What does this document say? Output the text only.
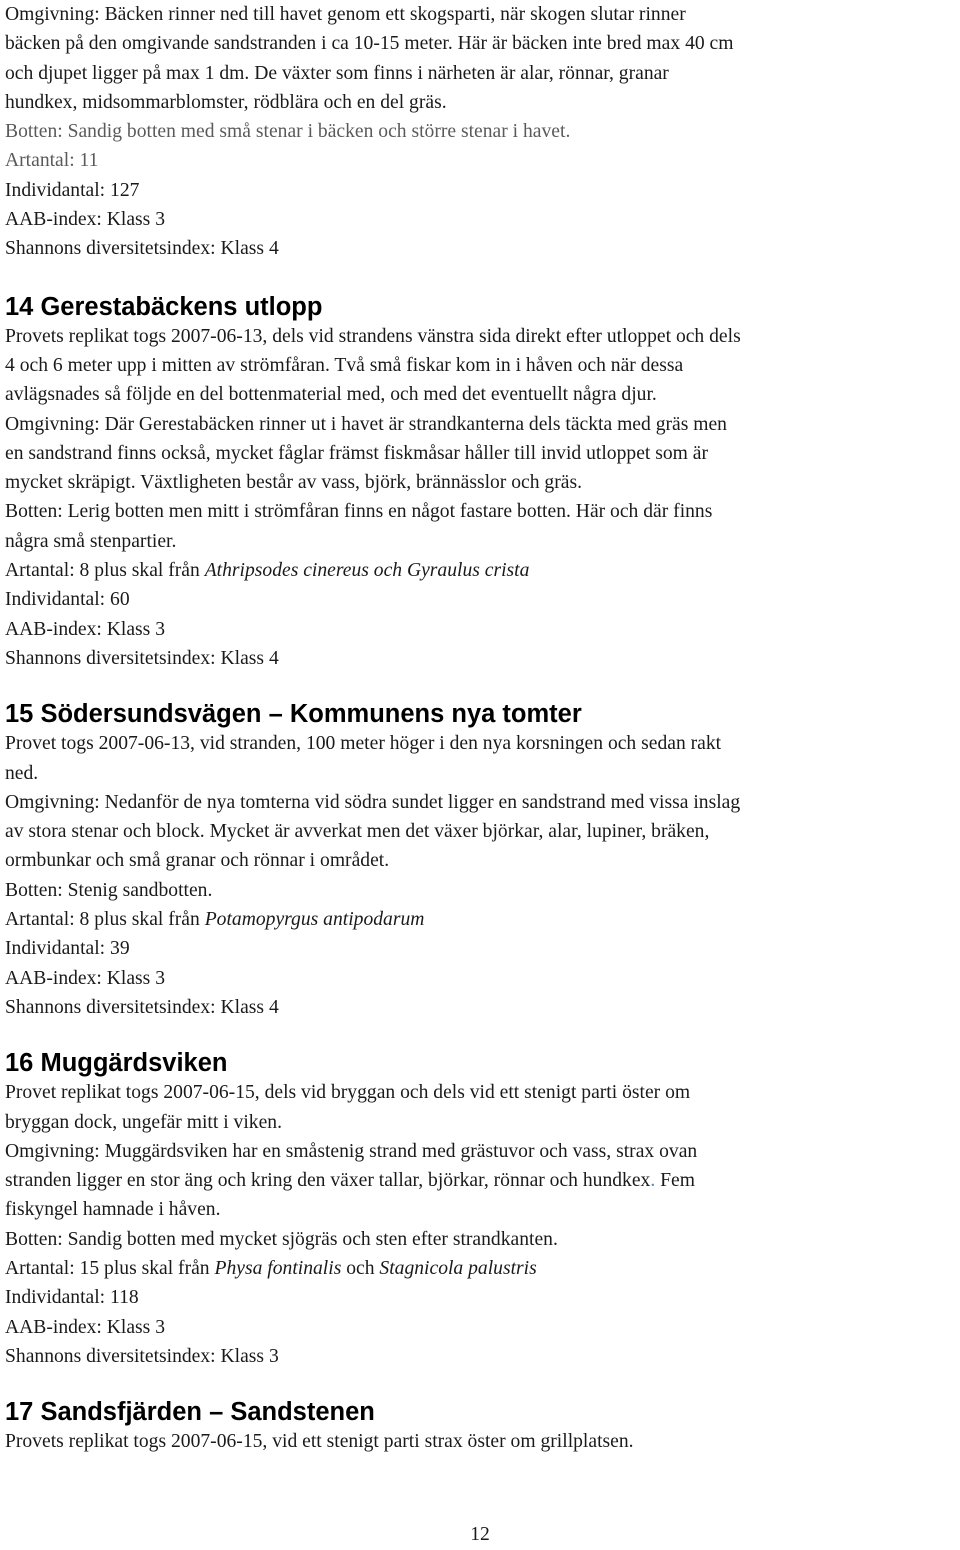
Omgivning: Bäcken rinner ned till havet genom ett skogsparti, när skogen slutar rinner
bäcken på den omgivande sandstranden i ca 10-15 meter. Här är bäcken inte bred max 40 cm
och djupet ligger på max 1 dm. De växter som finns i närheten är alar, rönnar, granar
hundkex, midsommarblomster, rödblära och en del gräs.
Botten: Sandig botten med små stenar i bäcken och större stenar i havet.
Artantal: 11
Individantal: 127
AAB-index: Klass 3
Shannons diversitetsindex: Klass 4
14 Gerestabäckens utlopp
Provets replikat togs 2007-06-13, dels vid strandens vänstra sida direkt efter utloppet och dels
4 och 6 meter upp i mitten av strömfåran. Två små fiskar kom in i håven och när dessa
avlägsnades så följde en del bottenmaterial med, och med det eventuellt några djur.
Omgivning: Där Gerestabäcken rinner ut i havet är strandkanterna dels täckta med gräs men
en sandstrand finns också, mycket fåglar främst fiskmåsar håller till invid utloppet som är
mycket skräpigt. Växtligheten består av vass, björk, brännässlor och gräs.
Botten: Lerig botten men mitt i strömfåran finns en något fastare botten. Här och där finns
några små stenpartier.
Artantal: 8 plus skal från Athripsodes cinereus och Gyraulus crista
Individantal: 60
AAB-index: Klass 3
Shannons diversitetsindex: Klass 4
15 Södersundsvägen – Kommunens nya tomter
Provet togs 2007-06-13, vid stranden, 100 meter höger i den nya korsningen och sedan rakt
ned.
Omgivning: Nedanför de nya tomterna vid södra sundet ligger en sandstrand med vissa inslag
av stora stenar och block. Mycket är avverkat men det växer björkar, alar, lupiner, bräken,
ormbunkar och små granar och rönnar i området.
Botten: Stenig sandbotten.
Artantal: 8 plus skal från Potamopyrgus antipodarum
Individantal: 39
AAB-index: Klass 3
Shannons diversitetsindex: Klass 4
16 Muggärdsviken
Provet replikat togs 2007-06-15, dels vid bryggan och dels vid ett stenigt parti öster om
bryggan dock, ungefär mitt i viken.
Omgivning: Muggärdsviken har en småstenig strand med grästuvor och vass, strax ovan
stranden ligger en stor äng och kring den växer tallar, björkar, rönnar och hundkex. Fem
fiskyngel hamnade i håven.
Botten: Sandig botten med mycket sjögräs och sten efter strandkanten.
Artantal: 15 plus skal från Physa fontinalis och Stagnicola palustris
Individantal: 118
AAB-index: Klass 3
Shannons diversitetsindex: Klass 3
17 Sandsfjärden – Sandstenen
Provets replikat togs 2007-06-15, vid ett stenigt parti strax öster om grillplatsen.
12
